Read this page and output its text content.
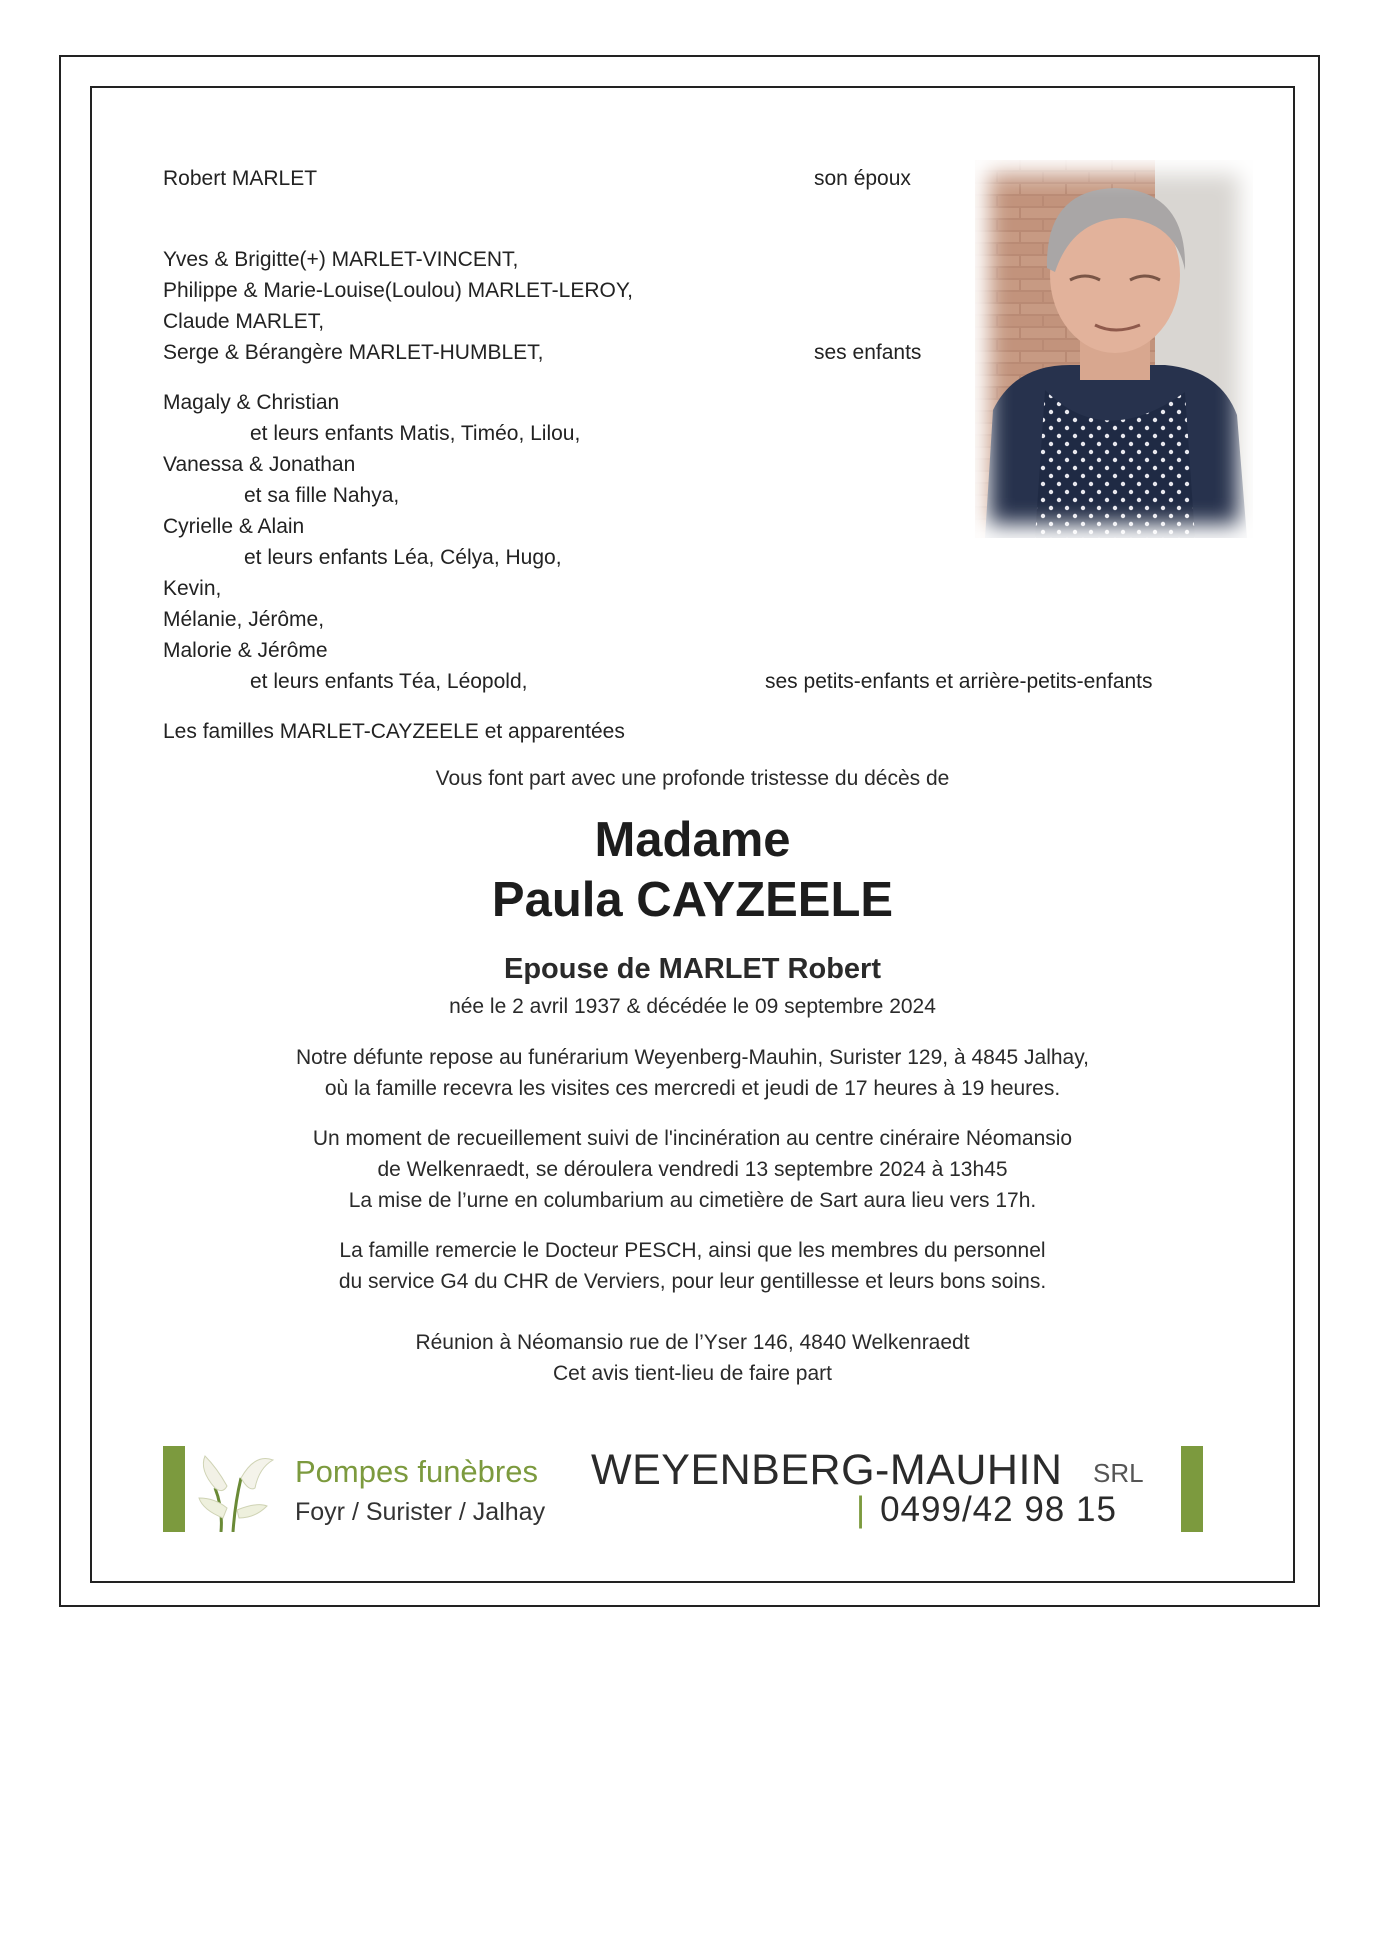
Robert MARLET	son époux
Yves & Brigitte(+) MARLET-VINCENT,
Philippe & Marie-Louise(Loulou) MARLET-LEROY,
Claude MARLET,
Serge & Bérangère MARLET-HUMBLET,	ses enfants
Magaly & Christian
et leurs enfants Matis, Timéo, Lilou,
Vanessa & Jonathan
et sa fille Nahya,
Cyrielle & Alain
et leurs enfants Léa, Célya, Hugo,
Kevin,
Mélanie, Jérôme,
Malorie & Jérôme
et leurs enfants Téa, Léopold,	ses petits-enfants et arrière-petits-enfants
Les familles MARLET-CAYZEELE et apparentées
Vous font part avec une profonde tristesse du décès de
Madame
Paula CAYZEELE
Epouse de MARLET Robert
née le 2 avril 1937 & décédée le 09 septembre 2024
Notre défunte repose au funérarium Weyenberg-Mauhin, Surister 129, à 4845 Jalhay,
où la famille recevra les visites ces mercredi et jeudi de 17 heures à 19 heures.
Un moment de recueillement suivi de l'incinération au centre cinéraire Néomansio
de Welkenraedt, se déroulera vendredi 13 septembre 2024 à 13h45
La mise de l’urne en columbarium au cimetière de Sart aura lieu vers 17h.
La famille remercie le Docteur PESCH, ainsi que les membres du personnel
du service G4 du CHR de Verviers, pour leur gentillesse et leurs bons soins.
Réunion à Néomansio rue de l’Yser 146, 4840 Welkenraedt
Cet avis tient-lieu de faire part
Pompes funèbres WEYENBERG-MAUHIN SRL
Foyr / Surister / Jalhay	| 0499/42 98 15
